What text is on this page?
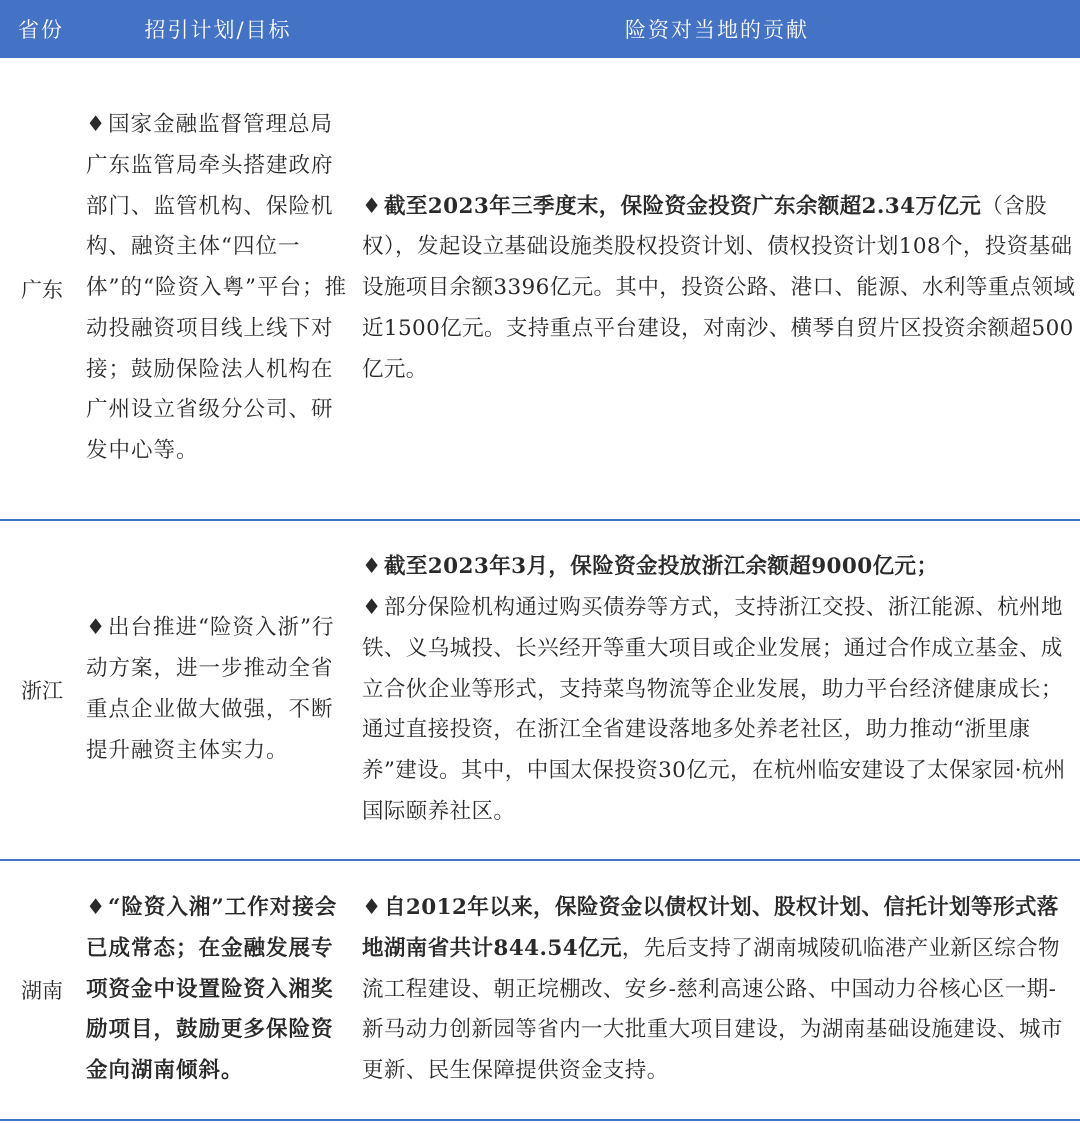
省份	招引计划/目标	险资对当地的贡献
广东

♦国家金融监督管理总局广东监管局牵头搭建政府部门、监管机构、保险机构、融资主体“四位一体”的“险资入粤”平台；推动投融资项目线上线下对接；鼓励保险法人机构在广州设立省级分公司、研发中心等。

♦ 截至2023年三季度末，保险资金投资广东余额超2.34万亿元（含股权），发起设立基础设施类股权投资计划、债权投资计划108个，投资基础设施项目余额3396亿元。其中，投资公路、港口、能源、水利等重点领域近1500亿元。支持重点平台建设，对南沙、横琴自贸片区投资余额超500亿元。

浙江

♦出台推进“险资入浙”行动方案，进一步推动全省重点企业做大做强，不断提升融资主体实力。

♦ 截至2023年3月，保险资金投放浙江余额超9000亿元；

♦ 部分保险机构通过购买债券等方式，支持浙江交投、浙江能源、杭州地铁、义乌城投、长兴经开等重大项目或企业发展；通过合作成立基金、成立合伙企业等形式，支持菜鸟物流等企业发展，助力平台经济健康成长；通过直接投资，在浙江全省建设落地多处养老社区，助力推动“浙里康养”建设。其中，中国太保投资30亿元，在杭州临安建设了太保家园·杭州国际颐养社区。

湖南

♦“险资入湘”工作对接会已成常态；在金融发展专项资金中设置险资入湘奖励项目，鼓励更多保险资金向湖南倾斜。

♦ 自2012年以来，保险资金以债权计划、股权计划、信托计划等形式落地湖南省共计844.54亿元，先后支持了湖南城陵矶临港产业新区综合物流工程建设、朝正垸棚改、安乡-慈利高速公路、中国动力谷核心区一期-新马动力创新园等省内一大批重大项目建设，为湖南基础设施建设、城市更新、民生保障提供资金支持。
